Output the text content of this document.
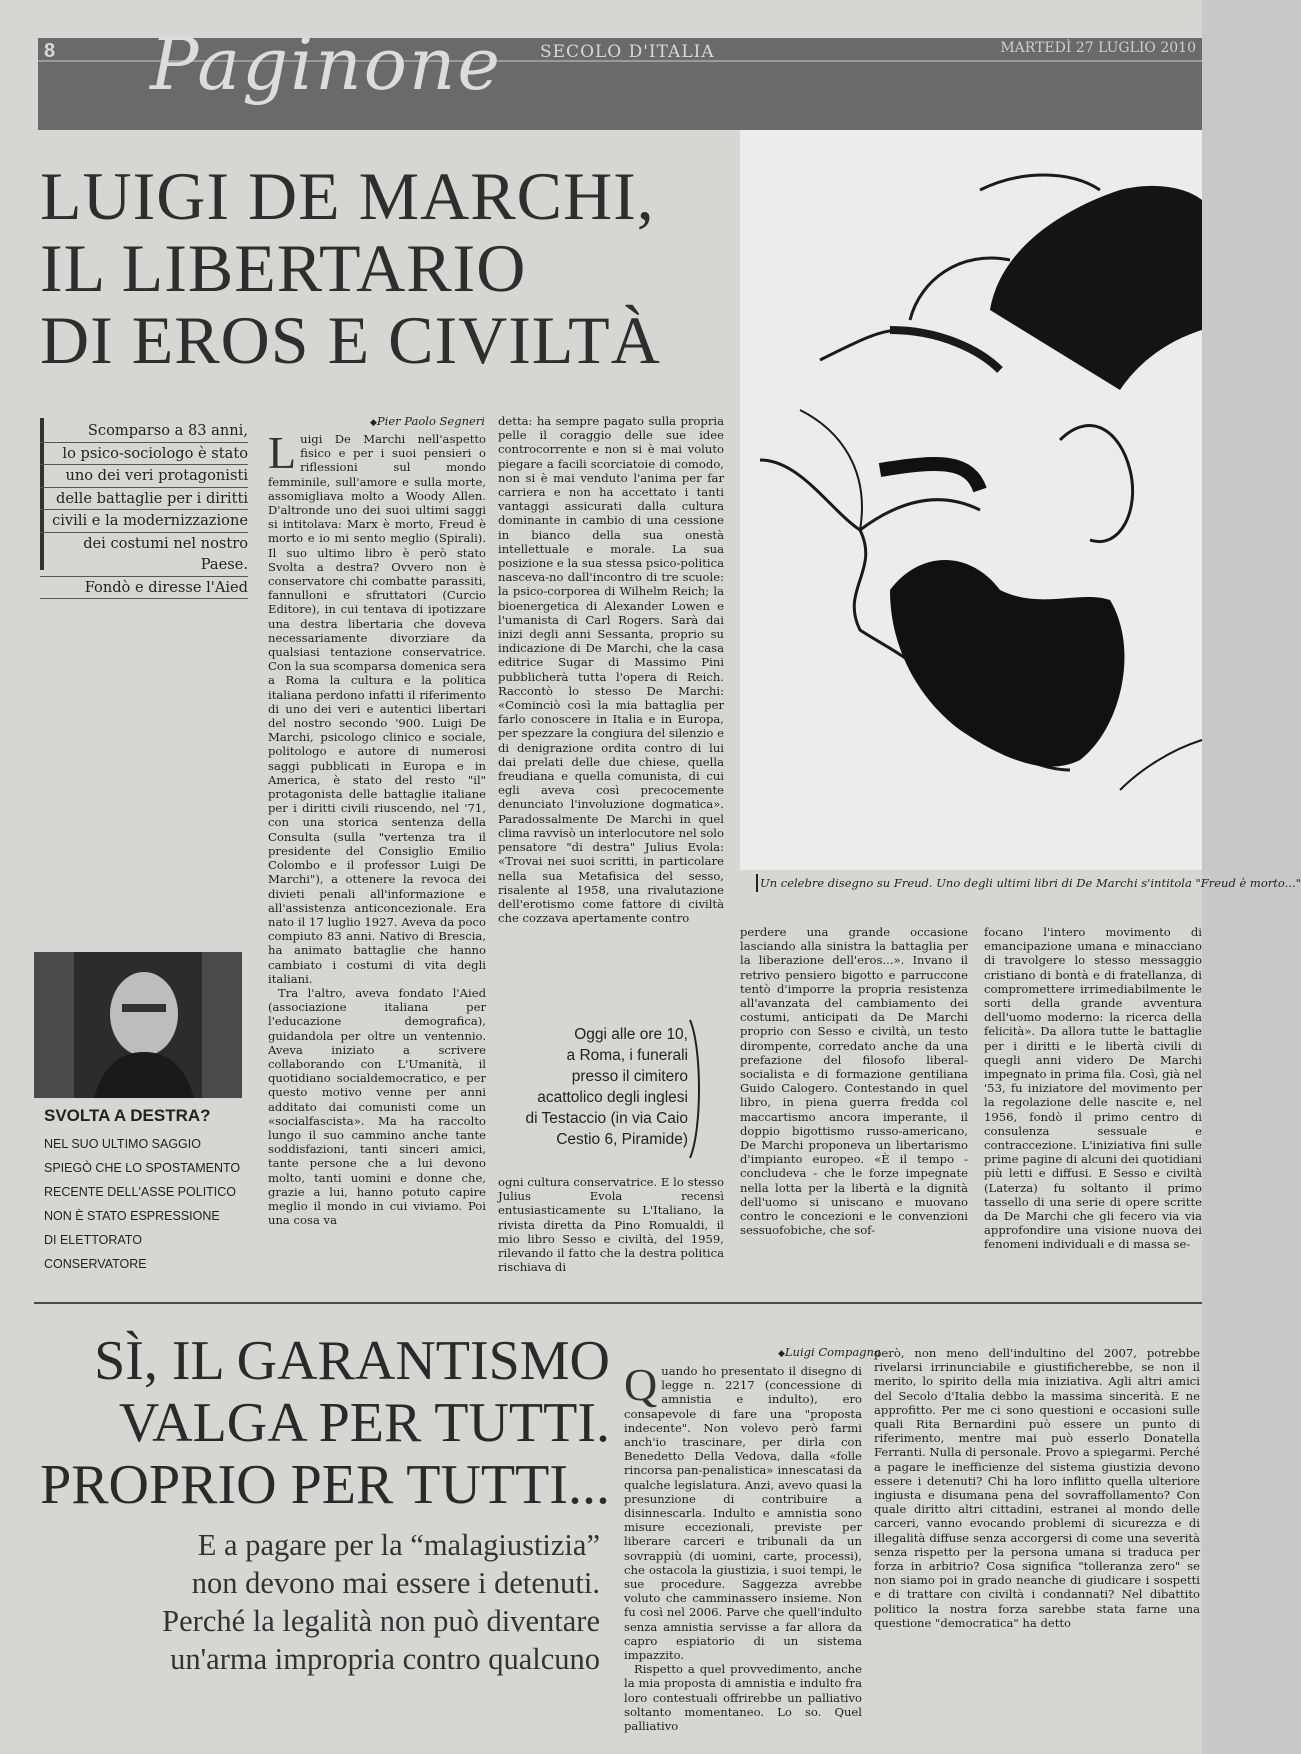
8 Paginone SECOLO D'ITALIA	MARTEDÌ 27 LUGLIO 2010
LUIGI DE MARCHI,
IL LIBERTARIO
DI EROS E CIVILTÀ
Un celebre disegno su Freud. Uno degli ultimi libri di De Marchi s'intitola "Freud è morto..."
Scomparso a 83 anni,
lo psico-sociologo è stato
uno dei veri protagonisti
delle battaglie per i diritti
civili e la modernizzazione
dei costumi nel nostro Paese.
Fondò e diresse l'Aied
◆ Pier Paolo Segneri

Luigi De Marchi nell'aspetto fisico e per i suoi pensieri o riflessioni sul mondo femminile, sull'amore e sulla morte, assomigliava molto a Woody Allen. D'altronde uno dei suoi ultimi saggi si intitolava: Marx è morto, Freud è morto e io mi sento meglio (Spirali). Il suo ultimo libro è però stato Svolta a destra? Ovvero non è conservatore chi combatte parassiti, fannulloni e sfruttatori (Curcio Editore), in cui tentava di ipotizzare una destra libertaria che doveva necessariamente divorziare da qualsiasi tentazione conservatrice. Con la sua scomparsa domenica sera a Roma la cultura e la politica italiana perdono infatti il riferimento di uno dei veri e autentici libertari del nostro secondo '900. Luigi De Marchi, psicologo clinico e sociale, politologo e autore di numerosi saggi pubblicati in Europa e in America, è stato del resto "il" protagonista delle battaglie italiane per i diritti civili riuscendo, nel '71, con una storica sentenza della Consulta (sulla "vertenza tra il presidente del Consiglio Emilio Colombo e il professor Luigi De Marchi"), a ottenere la revoca dei divieti penali all'informazione e all'assistenza anticoncezionale. Era nato il 17 luglio 1927. Aveva da poco compiuto 83 anni. Nativo di Brescia, ha animato battaglie che hanno cambiato i costumi di vita degli italiani.

Tra l'altro, aveva fondato l'Aied (associazione italiana per l'educazione demografica), guidandola per oltre un ventennio. Aveva iniziato a scrivere collaborando con L'Umanità, il quotidiano socialdemocratico, e per questo motivo venne per anni additato dai comunisti come un «socialfascista». Ma ha raccolto lungo il suo cammino anche tante soddisfazioni, tanti sinceri amici, tante persone che a lui devono molto, tanti uomini e donne che, grazie a lui, hanno potuto capire meglio il mondo in cui viviamo. Poi una cosa va

detta: ha sempre pagato sulla propria pelle il coraggio delle sue idee controcorrente e non si è mai voluto piegare a facili scorciatoie di comodo, non si è mai venduto l'anima per far carriera e non ha accettato i tanti vantaggi assicurati dalla cultura dominante in cambio di una cessione in bianco della sua onestà intellettuale e morale. La sua posizione e la sua stessa psico-politica nasceva-no dall'incontro di tre scuole: la psico-corporea di Wilhelm Reich; la bioenergetica di Alexander Lowen e l'umanista di Carl Rogers. Sarà dai inizi degli anni Sessanta, proprio su indicazione di De Marchi, che la casa editrice Sugar di Massimo Pini pubblicherà tutta l'opera di Reich. Raccontò lo stesso De Marchi: «Cominciò così la mia battaglia per farlo conoscere in Italia e in Europa, per spezzare la congiura del silenzio e di denigrazione ordita contro di lui dai prelati delle due chiese, quella freudiana e quella comunista, di cui egli aveva così precocemente denunciato l'involuzione dogmatica». Paradossalmente De Marchi in quel clima ravvisò un interlocutore nel solo pensatore "di destra" Julius Evola: «Trovai nei suoi scritti, in particolare nella sua Metafisica del sesso, risalente al 1958, una rivalutazione dell'erotismo come fattore di civiltà che cozzava apertamente contro
ogni cultura conservatrice. E lo stesso Julius Evola recensì entusiasticamente su L'Italiano, la rivista diretta da Pino Romualdi, il mio libro Sesso e civiltà, del 1959, rilevando il fatto che la destra politica rischiava di
perdere una grande occasione lasciando alla sinistra la battaglia per la liberazione dell'eros...». Invano il retrivo pensiero bigotto e parruccone tentò d'imporre la propria resistenza all'avanzata del cambiamento dei costumi, anticipati da De Marchi proprio con Sesso e civiltà, un testo dirompente, corredato anche da una prefazione del filosofo liberal-socialista e di formazione gentiliana Guido Calogero. Contestando in quel libro, in piena guerra fredda col maccartismo ancora imperante, il doppio bigottismo russo-americano, De Marchi proponeva un libertarismo d'impianto europeo. «È il tempo - concludeva - che le forze impegnate nella lotta per la libertà e la dignità dell'uomo si uniscano e muovano contro le concezioni e le convenzioni sessuofobiche, che sof-
focano l'intero movimento di emancipazione umana e minacciano di travolgere lo stesso messaggio cristiano di bontà e di fratellanza, di compromettere irrimediabilmente le sorti della grande avventura dell'uomo moderno: la ricerca della felicità». Da allora tutte le battaglie per i diritti e le libertà civili di quegli anni videro De Marchi impegnato in prima fila. Così, già nel '53, fu iniziatore del movimento per la regolazione delle nascite e, nel 1956, fondò il primo centro di consulenza sessuale e contraccezione. L'iniziativa fini sulle prime pagine di alcuni dei quotidiani più letti e diffusi. E Sesso e civiltà (Laterza) fu soltanto il primo tassello di una serie di opere scritte da De Marchi che gli fecero via via approfondire una visione nuova dei fenomeni individuali e di massa se-
SVOLTA A DESTRA?
NEL SUO ULTIMO SAGGIO
SPIEGÒ CHE LO SPOSTAMENTO
RECENTE DELL'ASSE POLITICO
NON È STATO ESPRESSIONE
DI ELETTORATO CONSERVATORE
Oggi alle ore 10,
a Roma, i funerali
presso il cimitero
acattolico degli inglesi
di Testaccio (in via Caio
Cestio 6, Piramide)
SÌ, IL GARANTISMO
VALGA PER TUTTI.
PROPRIO PER TUTTI...
E a pagare per la “malagiustizia”
non devono mai essere i detenuti.
Perché la legalità non può diventare
un'arma impropria contro qualcuno
◆ Luigi Compagna

Quando ho presentato il disegno di legge n. 2217 (concessione di amnistia e indulto), ero consapevole di fare una "proposta indecente". Non volevo però farmi anch'io trascinare, per dirla con Benedetto Della Vedova, dalla «folle rincorsa pan-penalistica» innescatasi da qualche legislatura. Anzi, avevo quasi la presunzione di contribuire a disinnescarla. Indulto e amnistia sono misure eccezionali, previste per liberare carceri e tribunali da un sovrappiù (di uomini, carte, processi), che ostacola la giustizia, i suoi tempi, le sue procedure. Saggezza avrebbe voluto che camminassero insieme. Non fu così nel 2006. Parve che quell'indulto senza amnistia servisse a far allora da capro espiatorio di un sistema impazzito.

Rispetto a quel provvedimento, anche la mia proposta di amnistia e indulto fra loro contestuali offrirebbe un palliativo soltanto momentaneo. Lo so. Quel palliativo

però, non meno dell'indultino del 2007, potrebbe rivelarsi irrinunciabile e giustificherebbe, se non il merito, lo spirito della mia iniziativa. Agli altri amici del Secolo d'Italia debbo la massima sincerità. E ne approfitto. Per me ci sono questioni e occasioni sulle quali Rita Bernardini può essere un punto di riferimento, mentre mai può esserlo Donatella Ferranti. Nulla di personale. Provo a spiegarmi. Perché a pagare le inefficienze del sistema giustizia devono essere i detenuti? Chi ha loro inflitto quella ulteriore ingiusta e disumana pena del sovraffollamento? Con quale diritto altri cittadini, estranei al mondo delle carceri, vanno evocando problemi di sicurezza e di illegalità diffuse senza accorgersi di come una severità senza rispetto per la persona umana si traduca per forza in arbitrio? Cosa significa "tolleranza zero" se non siamo poi in grado neanche di giudicare i sospetti e di trattare con civiltà i condannati? Nel dibattito politico la nostra forza sarebbe stata farne una questione "democratica" ha detto
